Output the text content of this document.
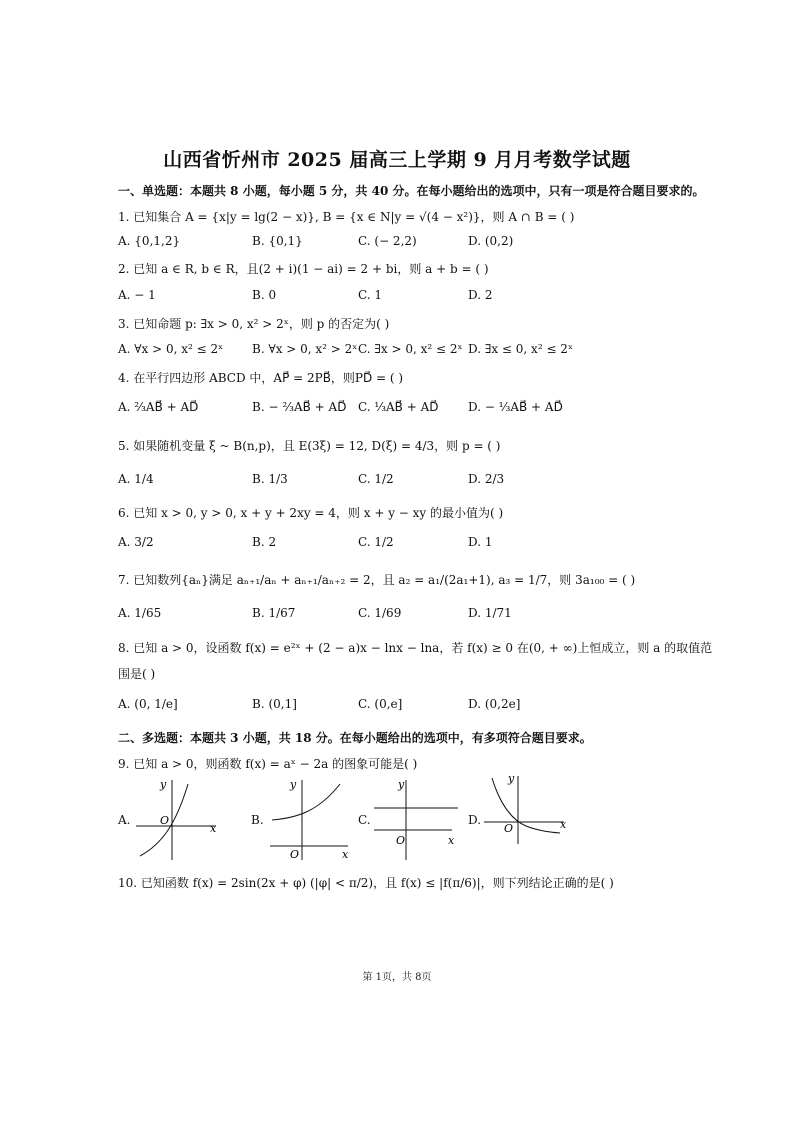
山西省忻州市 2025 届高三上学期 9 月月考数学试题
一、单选题：本题共 8 小题，每小题 5 分，共 40 分。在每小题给出的选项中，只有一项是符合题目要求的。
1. 已知集合 A = {x|y = lg(2 − x)}, B = {x ∈ N|y = √(4 − x²)}，则 A ∩ B = ( )
A. {0,1,2}	B. {0,1}	C. (− 2,2)	D. (0,2)
2. 已知 a ∈ R, b ∈ R，且(2 + i)(1 − ai) = 2 + bi，则 a + b = ( )
A. − 1	B. 0	C. 1	D. 2
3. 已知命题 p: ∃x > 0, x² > 2ˣ，则 p 的否定为( )
A. ∀x > 0, x² ≤ 2ˣ B. ∀x > 0, x² > 2ˣ C. ∃x > 0, x² ≤ 2ˣ D. ∃x ≤ 0, x² ≤ 2ˣ
4. 在平行四边形 ABCD 中，AP⃗ = 2PB⃗，则PD⃗ = ( )
A. ⅔AB⃗ + AD⃗	B. − ⅔AB⃗ + AD⃗ C. ⅓AB⃗ + AD⃗ D. − ⅓AB⃗ + AD⃗
5. 如果随机变量 ξ ~ B(n,p)，且 E(3ξ) = 12, D(ξ) = 4/3，则 p = ( )
A. 1/4	B. 1/3	C. 1/2	D. 2/3
6. 已知 x > 0, y > 0, x + y + 2xy = 4，则 x + y − xy 的最小值为( )
A. 3/2	B. 2	C. 1/2	D. 1
7. 已知数列{aₙ}满足 aₙ₊₁/aₙ + aₙ₊₁/aₙ₊₂ = 2，且 a₂ = a₁/(2a₁+1), a₃ = 1/7，则 3a₁₀₀ = ( )
A. 1/65	B. 1/67	C. 1/69	D. 1/71
8. 已知 a > 0，设函数 f(x) = e²ˣ + (2 − a)x − lnx − lna，若 f(x) ≥ 0 在(0, + ∞)上恒成立，则 a 的取值范
围是( )
A. (0, 1/e]	B. (0,1]	C. (0,e]	D. (0,2e]
二、多选题：本题共 3 小题，共 18 分。在每小题给出的选项中，有多项符合题目要求。
9. 已知 a > 0，则函数 f(x) = aˣ − 2a 的图象可能是( )
A.
y
x
O	B.
y
x
O
C.
y
x
O
D.
y
x
O
10. 已知函数 f(x) = 2sin(2x + φ) (|φ| < π/2)，且 f(x) ≤ |f(π/6)|，则下列结论正确的是( )
第 1页，共 8页
